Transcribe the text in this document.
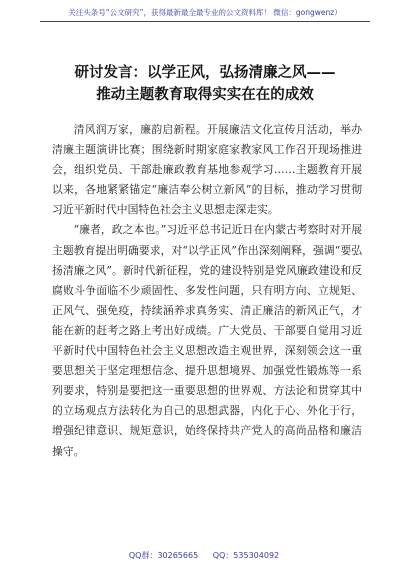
关注头条号“公文研究”，获得最新最全最专业的公文资料库！ 微信：gongwenz）
研讨发言：以学正风，弘扬清廉之风——
推动主题教育取得实实在在的成效

清风润万家，廉韵启新程。开展廉洁文化宣传月活动，举办清廉主题演讲比赛；围绕新时期家庭家教家风工作召开现场推进会，组织党员、干部赴廉政教育基地参观学习……主题教育开展以来，各地紧紧锚定“廉洁奉公树立新风”的目标，推动学习贯彻习近平新时代中国特色社会主义思想走深走实。

“廉者，政之本也。”习近平总书记近日在内蒙古考察时对开展主题教育提出明确要求，对“以学正风”作出深刻阐释，强调“要弘扬清廉之风”。新时代新征程，党的建设特别是党风廉政建设和反腐败斗争面临不少顽固性、多发性问题，只有明方向、立规矩、正风气、强免疫，持续涵养求真务实、清正廉洁的新风正气，才能在新的赶考之路上考出好成绩。广大党员、干部要自觉用习近平新时代中国特色社会主义思想改造主观世界，深刻领会这一重要思想关于坚定理想信念、提升思想境界、加强党性锻炼等一系列要求，特别是要把这一重要思想的世界观、方法论和贯穿其中的立场观点方法转化为自己的思想武器，内化于心、外化于行，增强纪律意识、规矩意识，始终保持共产党人的高尚品格和廉洁操守。

QQ群：30265665 QQ：535304092
